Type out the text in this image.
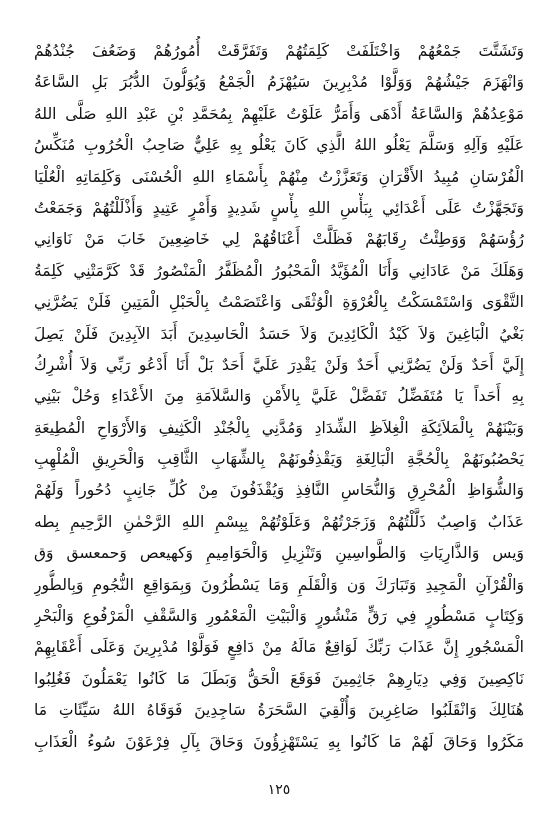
وَتَشَتَّتَ جَمْعُهُمْ وَاخْتَلَفَتْ كَلِمَتُهُمْ وَتَفَرَّقَتْ أُمُورُهُمْ وَضَعُفَ جُنْدُهُمْ
وَانْهَزَمَ جَيْشُهُمْ وَوَلَّوْا مُدْبِرِينَ سَيُهْزَمُ الْجَمْعُ وَيُوَلُّونَ الدُّبُرَ بَلِ السَّاعَةُ
مَوْعِدُهُمْ وَالسَّاعَةُ أَدْهَى وَأَمَرُّ عَلَوْتُ عَلَيْهِمْ بِمُحَمَّدِ بْنِ عَبْدِ اللهِ صَلَّى اللهُ
عَلَيْهِ وَآلِهِ وَسَلَّمَ يَعْلُو اللهُ الَّذِي كَانَ يَعْلُو بِهِ عَلِيٌّ صَاحِبُ الْحُرُوبِ مُنَكِّسُ
الْفُرْسَانِ مُبِيدُ الأَقْرَانِ وَتَعَزَّزْتُ مِنْهُمْ بِأَسْمَاءِ اللهِ الْحُسْنَى وَكَلِمَاتِهِ الْعُلْيَا
وَتَجَهَّزْتُ عَلَى أَعْدَائِي بِبَأْسِ اللهِ بِأْسٍ شَدِيدٍ وَأَمْرٍ عَتِيدٍ وَأَذْلَلْتُهُمْ وَجَمَعْتُ
رُؤُسَهُمْ وَوَطِئْتُ رِقَابَهُمْ فَظَلَّتْ أَعْنَاقُهُمْ لِي خَاضِعِينَ خَابَ مَنْ نَاوَانِي
وَهَلَكَ مَنْ عَادَانِي وَأَنَا الْمُؤَيَّدُ الْمَحْبُورُ الْمُظَفَّرُ الْمَنْصُورُ قَدْ كَرَّمَتْنِي كَلِمَةُ
التَّقْوَى وَاسْتَمْسَكْتُ بِالْعُرْوَةِ الْوُثْقَى وَاعْتَصَمْتُ بِالْحَبْلِ الْمَتِينِ فَلَنْ يَضُرَّنِي
بَغْيُ الْبَاغِينَ وَلاَ كَيْدُ الْكَائِدِينَ وَلاَ حَسَدُ الْحَاسِدِينَ أَبَدَ الآبِدِينَ فَلَنْ يَصِلَ
إِلَيَّ أَحَدٌ وَلَنْ يَضُرَّنِي أَحَدٌ وَلَنْ يَقْدِرَ عَلَيَّ أَحَدٌ بَلْ أَنَا أَدْعُو رَبِّي وَلاَ أُشْرِكُ
بِهِ أَحَداً يَا مُتَفَضِّلُ تَفَضَّلْ عَلَيَّ بِالأَمْنِ وَالسَّلاَمَةِ مِنَ الأَعْدَاءِ وَحُلْ بَيْنِي
وَبَيْنَهُمْ بِالْمَلاَئِكَةِ الْغِلاَظِ الشِّدَادِ وَمُدَّنِي بِالْجُنْدِ الْكَثِيفِ وَالأَرْوَاحِ الْمُطِيعَةِ
يَحْصُبُونَهُمْ بِالْحُجَّةِ الْبَالِغَةِ وَيَقْذِفُونَهُمْ بِالشِّهَابِ الثَّاقِبِ وَالْحَرِيقِ الْمُلْهِبِ
وَالشُّوَاظِ الْمُحْرِقِ وَالنُّحَاسِ النَّافِذِ وَيُقْذَفُونَ مِنْ كُلِّ جَانِبٍ دُحُوراً وَلَهُمْ
عَذَابٌ وَاصِبٌ ذَلَّلْتُهُمْ وَزَجَرْتُهُمْ وَعَلَوْتُهُمْ بِبِسْمِ اللهِ الرَّحْمٰنِ الرَّحِيمِ بِطه
وَيس وَالذَّارِيَاتِ وَالطَّواسِينِ وَتَنْزِيلِ وَالْحَوَامِيمِ وَكهيعص وَحمعسق وَق
وَالْقُرْآنِ الْمَجِيدِ وَتَبَارَكَ وَن وَالْقَلَمِ وَمَا يَسْطُرُونَ وَبِمَوَاقِعِ النُّجُومِ وَبِالطُّورِ
وَكِتَابٍ مَسْطُورٍ فِي رَقٍّ مَنْشُورٍ وَالْبَيْتِ الْمَعْمُورِ وَالسَّقْفِ الْمَرْفُوعِ وَالْبَحْرِ
الْمَسْجُورِ إِنَّ عَذَابَ رَبِّكَ لَوَاقِعٌ مَالَهُ مِنْ دَافِعٍ فَوَلَّوْا مُدْبِرِينَ وَعَلَى أَعْقَابِهِمْ
نَاكِصِينَ وَفِي دِيَارِهِمْ جَاثِمِينَ فَوَقَعَ الْحَقُّ وَبَطَلَ مَا كَانُوا يَعْمَلُونَ فَغُلِبُوا
هُنَالِكَ وَانْقَلَبُوا صَاغِرِينَ وَأُلْقِيَ السَّحَرَةُ سَاجِدِينَ فَوَقَاهُ اللهُ سَيِّئَاتِ مَا
مَكَرُوا وَحَاقَ لَهُمْ مَا كَانُوا بِهِ يَسْتَهْزِؤُونَ وَحَاقَ بِآلِ فِرْعَوْنَ سُوءُ الْعَذَابِ
١٢٥
